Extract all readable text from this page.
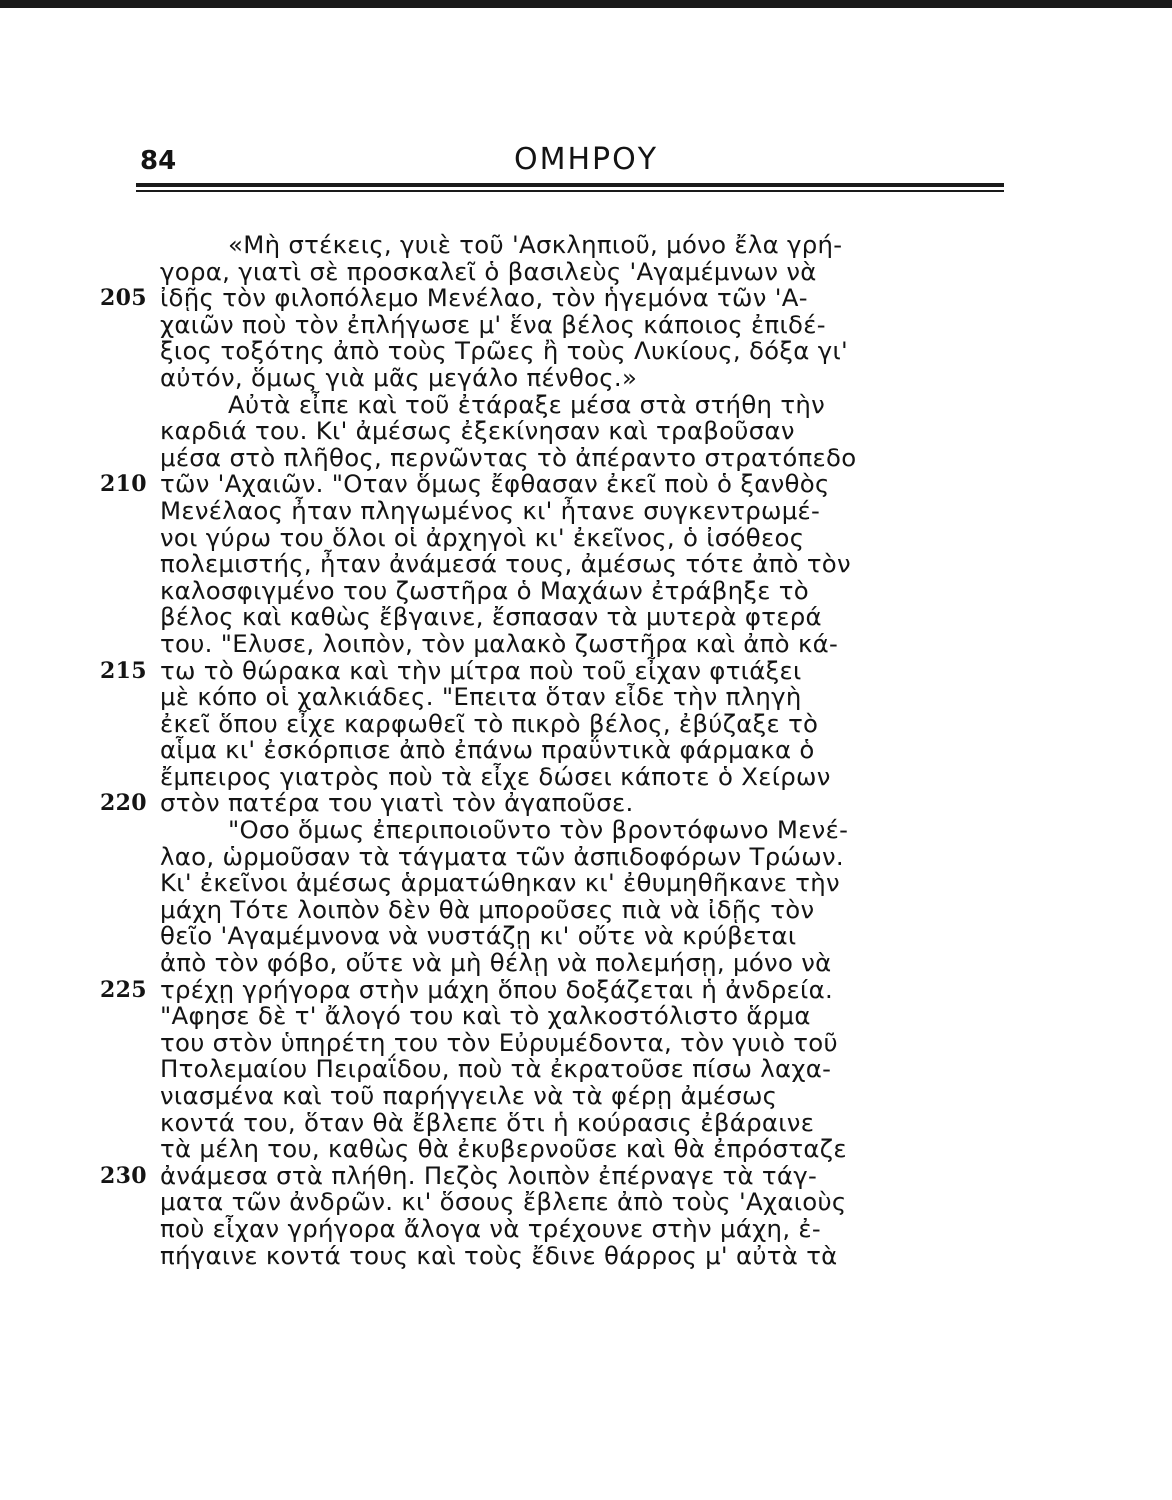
84	ΟΜΗΡΟΥ
«Μὴ στέκεις, γυιὲ τοῦ 'Ασκληπιοῦ, μόνο ἔλα γρή-
γορα, γιατὶ σὲ προσκαλεῖ ὁ βασιλεὺς 'Αγαμέμνων νὰ
205 ἰδῇς τὸν φιλοπόλεμο Μενέλαο, τὸν ἡγεμόνα τῶν 'Α-
χαιῶν ποὺ τὸν ἐπλήγωσε μ' ἕνα βέλος κάποιος ἐπιδέ-
ξιος τοξότης ἀπὸ τοὺς Τρῶες ἢ τοὺς Λυκίους, δόξα γι'
αὐτόν, ὅμως γιὰ μᾶς μεγάλο πένθος.»
Αὐτὰ εἶπε καὶ τοῦ ἐτάραξε μέσα στὰ στήθη τὴν
καρδιά του. Κι' ἀμέσως ἐξεκίνησαν καὶ τραβοῦσαν
μέσα στὸ πλῆθος, περνῶντας τὸ ἀπέραντο στρατόπεδο
210 τῶν 'Αχαιῶν. "Οταν ὅμως ἔφθασαν ἐκεῖ ποὺ ὁ ξανθὸς
Μενέλαος ἦταν πληγωμένος κι' ἦτανε συγκεντρωμέ-
νοι γύρω του ὅλοι οἱ ἀρχηγοὶ κι' ἐκεῖνος, ὁ ἰσόθεος
πολεμιστής, ἦταν ἀνάμεσά τους, ἀμέσως τότε ἀπὸ τὸν
καλοσφιγμένο του ζωστῆρα ὁ Μαχάων ἐτράβηξε τὸ
βέλος καὶ καθὼς ἔβγαινε, ἔσπασαν τὰ μυτερὰ φτερά
του. "Ελυσε, λοιπὸν, τὸν μαλακὸ ζωστῆρα καὶ ἀπὸ κά-
215 τω τὸ θώρακα καὶ τὴν μίτρα ποὺ τοῦ εἶχαν φτιάξει
μὲ κόπο οἱ χαλκιάδες. "Επειτα ὅταν εἶδε τὴν πληγὴ
ἐκεῖ ὅπου εἶχε καρφωθεῖ τὸ πικρὸ βέλος, ἐβύζαξε τὸ
αἷμα κι' ἐσκόρπισε ἀπὸ ἐπάνω πραΰντικὰ φάρμακα ὁ
ἔμπειρος γιατρὸς ποὺ τὰ εἶχε δώσει κάποτε ὁ Χείρων
220 στὸν πατέρα του γιατὶ τὸν ἀγαποῦσε.
"Οσο ὅμως ἐπεριποιοῦντο τὸν βροντόφωνο Μενέ-
λαο, ὡρμοῦσαν τὰ τάγματα τῶν ἀσπιδοφόρων Τρώων.
Κι' ἐκεῖνοι ἀμέσως ἁρματώθηκαν κι' ἐθυμηθῆκανε τὴν
μάχη Τότε λοιπὸν δὲν θὰ μποροῦσες πιὰ νὰ ἰδῇς τὸν
θεῖο 'Αγαμέμνονα νὰ νυστάζῃ κι' οὔτε νὰ κρύβεται
ἀπὸ τὸν φόβο, οὔτε νὰ μὴ θέλῃ νὰ πολεμήσῃ, μόνο νὰ
225 τρέχῃ γρήγορα στὴν μάχη ὅπου δοξάζεται ἡ ἀνδρεία.
"Αφησε δὲ τ' ἄλογό του καὶ τὸ χαλκοστόλιστο ἅρμα
του στὸν ὑπηρέτη του τὸν Εὐρυμέδοντα, τὸν γυιὸ τοῦ
Πτολεμαίου Πειραΐδου, ποὺ τὰ ἐκρατοῦσε πίσω λαχα-
νιασμένα καὶ τοῦ παρήγγειλε νὰ τὰ φέρῃ ἀμέσως
κοντά του, ὅταν θὰ ἔβλεπε ὅτι ἡ κούρασις ἐβάραινε
τὰ μέλη του, καθὼς θὰ ἐκυβερνοῦσε καὶ θὰ ἐπρόσταζε
230 ἀνάμεσα στὰ πλήθη. Πεζὸς λοιπὸν ἐπέρναγε τὰ τάγ-
ματα τῶν ἀνδρῶν. κι' ὅσους ἔβλεπε ἀπὸ τοὺς 'Αχαιοὺς
ποὺ εἶχαν γρήγορα ἄλογα νὰ τρέχουνε στὴν μάχη, ἐ-
πήγαινε κοντά τους καὶ τοὺς ἔδινε θάρρος μ' αὐτὰ τὰ
